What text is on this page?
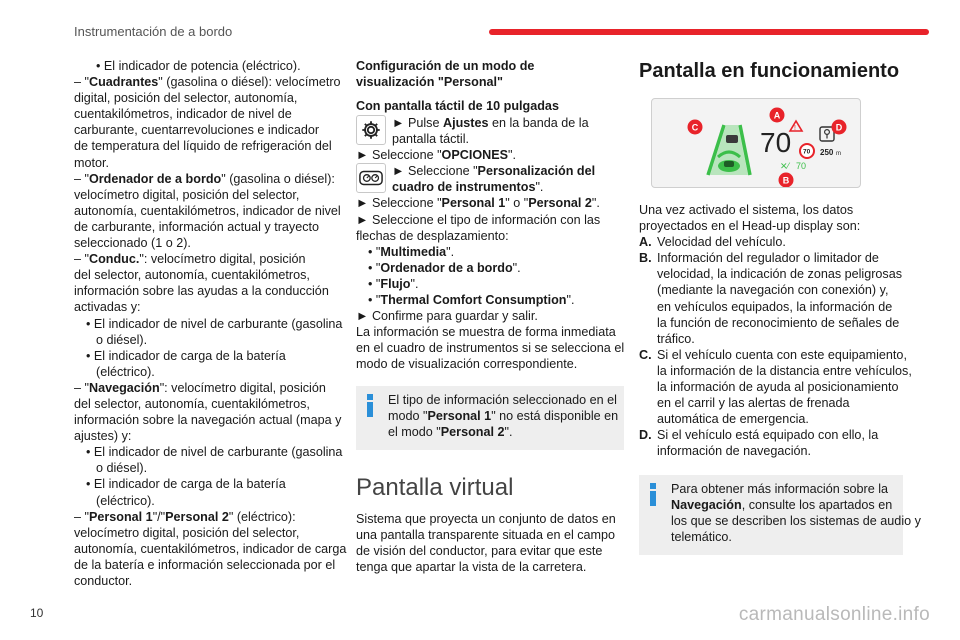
Instrumentación de a bordo
• El indicador de potencia (eléctrico).
– "Cuadrantes" (gasolina o diésel): velocímetro
digital, posición del selector, autonomía,
cuentakilómetros, indicador de nivel de
carburante, cuentarrevoluciones e indicador
de temperatura del líquido de refrigeración del
motor.
– "Ordenador de a bordo" (gasolina o diésel):
velocímetro digital, posición del selector,
autonomía, cuentakilómetros, indicador de nivel
de carburante, información actual y trayecto
seleccionado (1 o 2).
– "Conduc.": velocímetro digital, posición
del selector, autonomía, cuentakilómetros,
información sobre las ayudas a la conducción
activadas y:
• El indicador de nivel de carburante (gasolina
o diésel).
• El indicador de carga de la batería
(eléctrico).
– "Navegación": velocímetro digital, posición
del selector, autonomía, cuentakilómetros,
información sobre la navegación actual (mapa y
ajustes) y:
• El indicador de nivel de carburante (gasolina
o diésel).
• El indicador de carga de la batería
(eléctrico).
– "Personal 1"/"Personal 2" (eléctrico):
velocímetro digital, posición del selector,
autonomía, cuentakilómetros, indicador de carga
de la batería e información seleccionada por el
conductor.
Configuración de un modo de
visualización "Personal"
Con pantalla táctil de 10 pulgadas
► Pulse Ajustes en la banda de la
pantalla táctil.
► Seleccione "OPCIONES".
► Seleccione "Personalización del
cuadro de instrumentos".
► Seleccione "Personal 1" o "Personal 2".
► Seleccione el tipo de información con las
flechas de desplazamiento:
• "Multimedia".
• "Ordenador de a bordo".
• "Flujo".
• "Thermal Comfort Consumption".
► Confirme para guardar y salir.
La información se muestra de forma inmediata
en el cuadro de instrumentos si se selecciona el
modo de visualización correspondiente.
El tipo de información seleccionado en el
modo "Personal 1" no está disponible en
el modo "Personal 2".
Pantalla virtual
Sistema que proyecta un conjunto de datos en
una pantalla transparente situada en el campo
de visión del conductor, para evitar que este
tenga que apartar la vista de la carretera.
Pantalla en funcionamiento
70 !
70
✕⁄ 70
250 m
A
B
C	D
Una vez activado el sistema, los datos
proyectados en el Head-up display son:
A. Velocidad del vehículo.
B. Información del regulador o limitador de
velocidad, la indicación de zonas peligrosas
(mediante la navegación con conexión) y,
en vehículos equipados, la información de
la función de reconocimiento de señales de
tráfico.
C. Si el vehículo cuenta con este equipamiento,
la información de la distancia entre vehículos,
la información de ayuda al posicionamiento
en el carril y las alertas de frenada
automática de emergencia.
D. Si el vehículo está equipado con ello, la
información de navegación.
Para obtener más información sobre la
Navegación, consulte los apartados en
los que se describen los sistemas de audio y
telemático.
10	carmanualsonline.info
